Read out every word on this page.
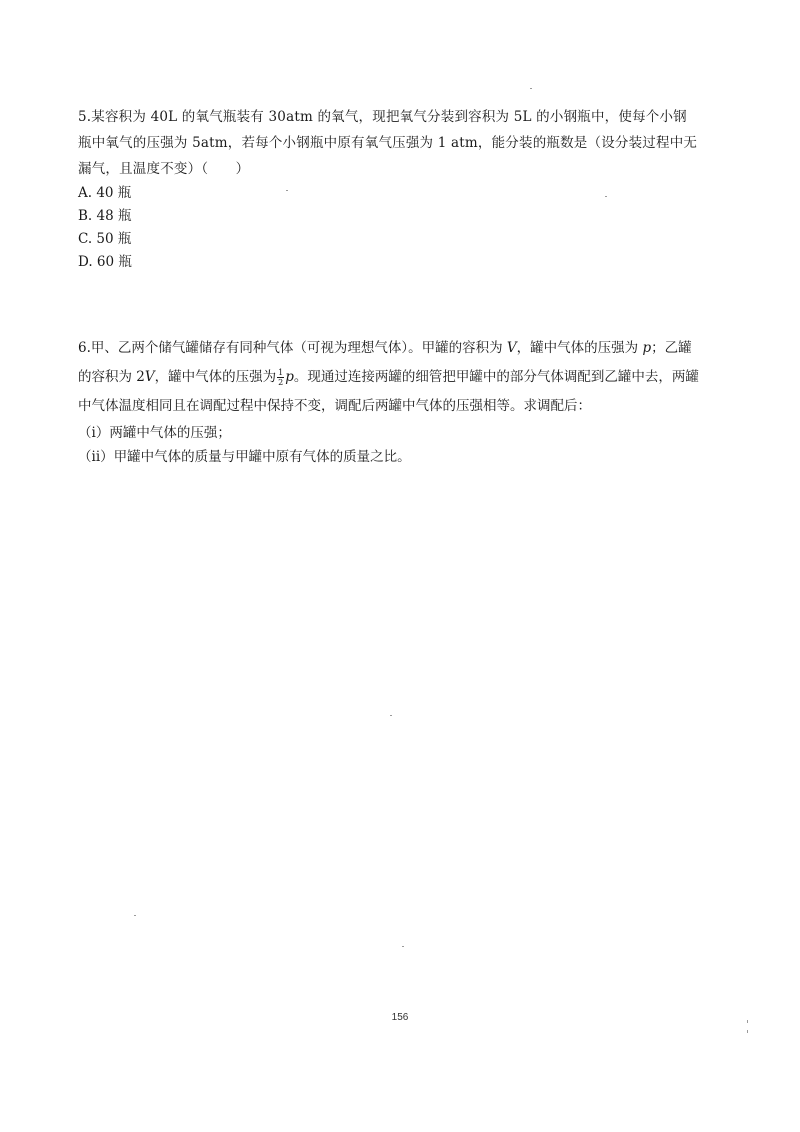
5.某容积为 40L 的氧气瓶装有 30atm 的氧气，现把氧气分装到容积为 5L 的小钢瓶中，使每个小钢瓶中氧气的压强为 5atm，若每个小钢瓶中原有氧气压强为 1 atm，能分装的瓶数是（设分装过程中无漏气，且温度不变）（　　）

A. 40 瓶

B. 48 瓶

C. 50 瓶

D. 60 瓶

6.甲、乙两个储气罐储存有同种气体（可视为理想气体）。甲罐的容积为 V，罐中气体的压强为 p；乙罐的容积为 2V，罐中气体的压强为 $\frac{1}{2}$ p。现通过连接两罐的细管把甲罐中的部分气体调配到乙罐中去，两罐中气体温度相同且在调配过程中保持不变，调配后两罐中气体的压强相等。求调配后：

（i）两罐中气体的压强；

（ii）甲罐中气体的质量与甲罐中原有气体的质量之比。

156
